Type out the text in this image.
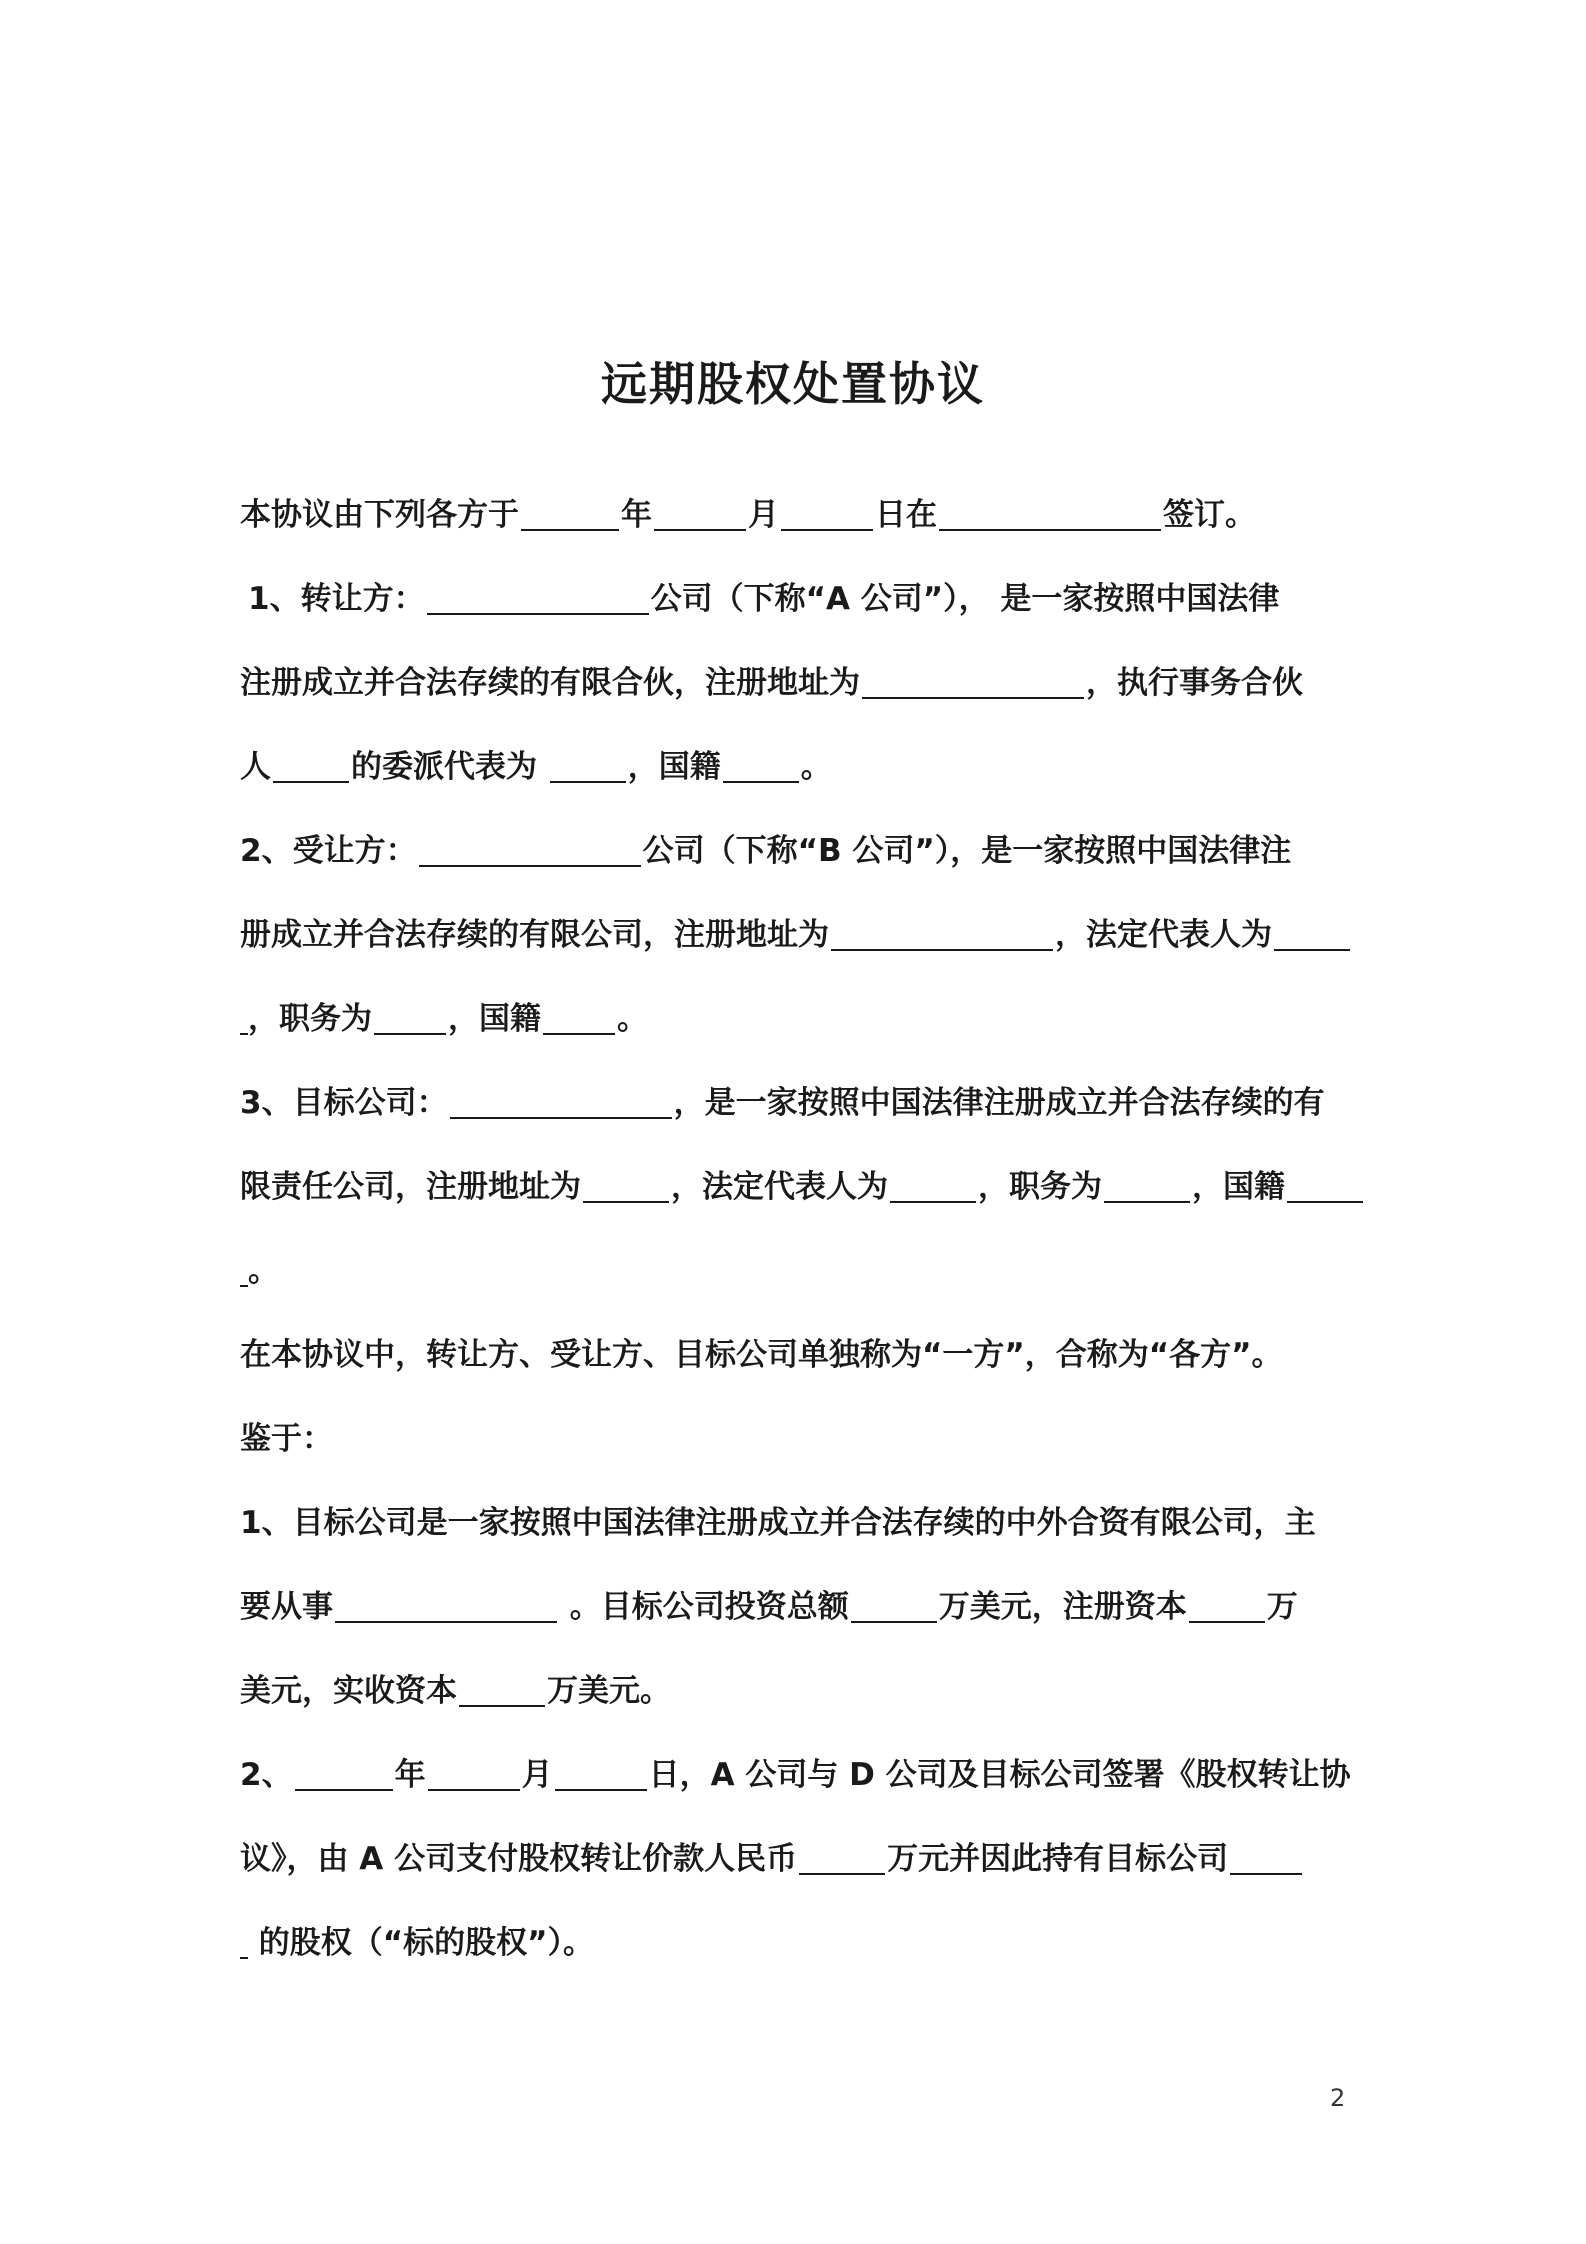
远期股权处置协议
本协议由下列各方于	年	月	日在	签订。
1、转让方：	公司（下称“A 公司”）， 是一家按照中国法律
注册成立并合法存续的有限合伙，注册地址为	，执行事务合伙
人	的委派代表为	，国籍	。
2、受让方：	公司（下称“B 公司”），是一家按照中国法律注
册成立并合法存续的有限公司，注册地址为	，法定代表人为
，职务为 ，国籍 。
3、目标公司：	，是一家按照中国法律注册成立并合法存续的有
限责任公司，注册地址为	，法定代表人为	，职务为	，国籍
。
在本协议中，转让方、受让方、目标公司单独称为“一方”，合称为“各方”。
鉴于：
1、目标公司是一家按照中国法律注册成立并合法存续的中外合资有限公司，主
要从事	。目标公司投资总额	万美元，注册资本	万
美元，实收资本	万美元。
2、	年	月	日，A 公司与 D 公司及目标公司签署《股权转让协
议》，由 A 公司支付股权转让价款人民币	万元并因此持有目标公司
的股权（“标的股权”）。
2
